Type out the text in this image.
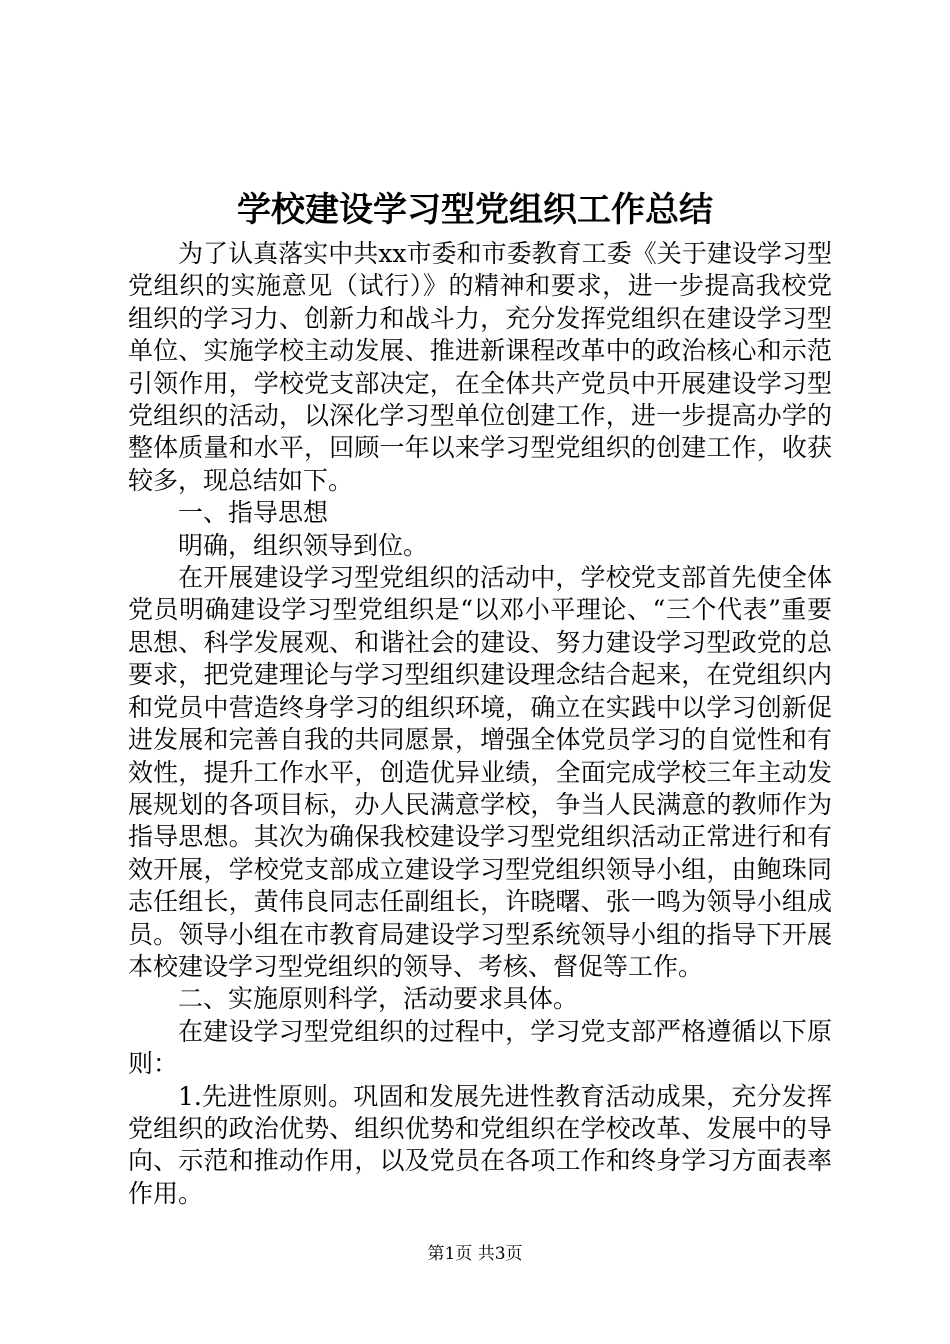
学校建设学习型党组织工作总结

为了认真落实中共xx市委和市委教育工委《关于建设学习型党组织的实施意见（试行）》的精神和要求，进一步提高我校党组织的学习力、创新力和战斗力，充分发挥党组织在建设学习型单位、实施学校主动发展、推进新课程改革中的政治核心和示范引领作用，学校党支部决定，在全体共产党员中开展建设学习型党组织的活动，以深化学习型单位创建工作，进一步提高办学的整体质量和水平，回顾一年以来学习型党组织的创建工作，收获较多，现总结如下。

一、指导思想

明确，组织领导到位。

在开展建设学习型党组织的活动中，学校党支部首先使全体党员明确建设学习型党组织是“以邓小平理论、“三个代表”重要思想、科学发展观、和谐社会的建设、努力建设学习型政党的总要求，把党建理论与学习型组织建设理念结合起来，在党组织内和党员中营造终身学习的组织环境，确立在实践中以学习创新促进发展和完善自我的共同愿景，增强全体党员学习的自觉性和有效性，提升工作水平，创造优异业绩，全面完成学校三年主动发展规划的各项目标，办人民满意学校，争当人民满意的教师作为指导思想。其次为确保我校建设学习型党组织活动正常进行和有效开展，学校党支部成立建设学习型党组织领导小组，由鲍珠同志任组长，黄伟良同志任副组长，许晓曙、张一鸣为领导小组成员。领导小组在市教育局建设学习型系统领导小组的指导下开展本校建设学习型党组织的领导、考核、督促等工作。

二、实施原则科学，活动要求具体。

在建设学习型党组织的过程中，学习党支部严格遵循以下原则：

1.先进性原则。巩固和发展先进性教育活动成果，充分发挥党组织的政治优势、组织优势和党组织在学校改革、发展中的导向、示范和推动作用，以及党员在各项工作和终身学习方面表率作用。

第1页 共3页
